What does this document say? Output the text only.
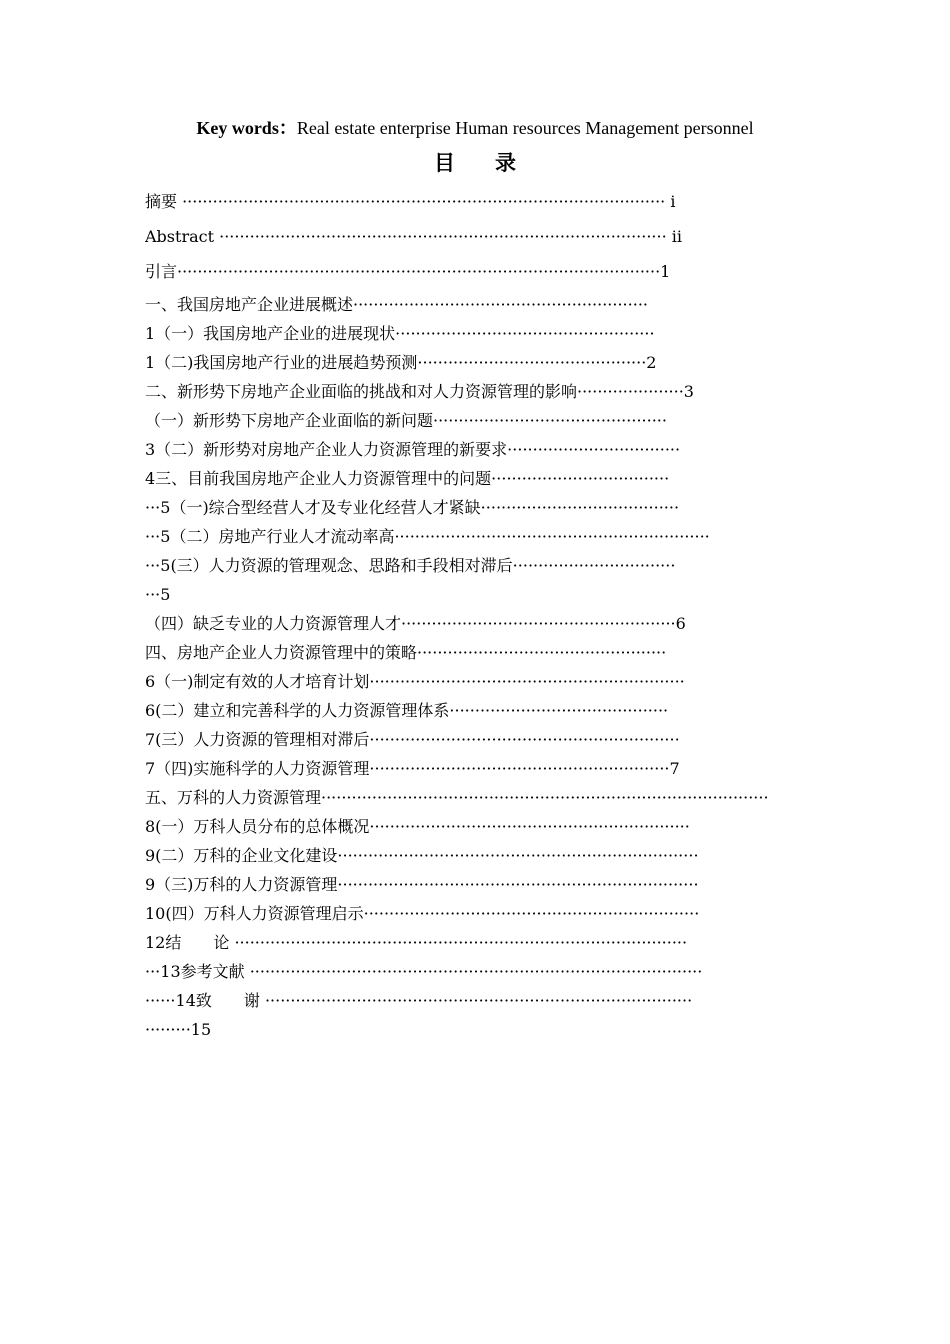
Key words：Real estate enterprise Human resources Management personnel
目 录
摘要 ······························································································· i
Abstract ························································································ ii
引言·······························································································1
一、我国房地产企业进展概述··························································
1（一）我国房地产企业的进展现状···················································
1（二)我国房地产行业的进展趋势预测·············································2
二、新形势下房地产企业面临的挑战和对人力资源管理的影响·····················3
（一）新形势下房地产企业面临的新问题··············································
3（二）新形势对房地产企业人力资源管理的新要求··································
4三、目前我国房地产企业人力资源管理中的问题···································
···5（一)综合型经营人才及专业化经营人才紧缺·······································
···5（二）房地产行业人才流动率高······························································
···5(三）人力资源的管理观念、思路和手段相对滞后································
···5
（四）缺乏专业的人力资源管理人才······················································6
四、房地产企业人力资源管理中的策略·················································
6（一)制定有效的人才培育计划······························································
6(二）建立和完善科学的人力资源管理体系···········································
7(三）人力资源的管理相对滞后·····························································
7（四)实施科学的人力资源管理···························································7
五、万科的人力资源管理························································································
8(一）万科人员分布的总体概况·······························································
9(二）万科的企业文化建设·······································································
9（三)万科的人力资源管理·······································································
10(四）万科人力资源管理启示··································································
12结　　论 ·························································································
···13参考文献 ·························································································
······14致　　谢 ····················································································
·········15
